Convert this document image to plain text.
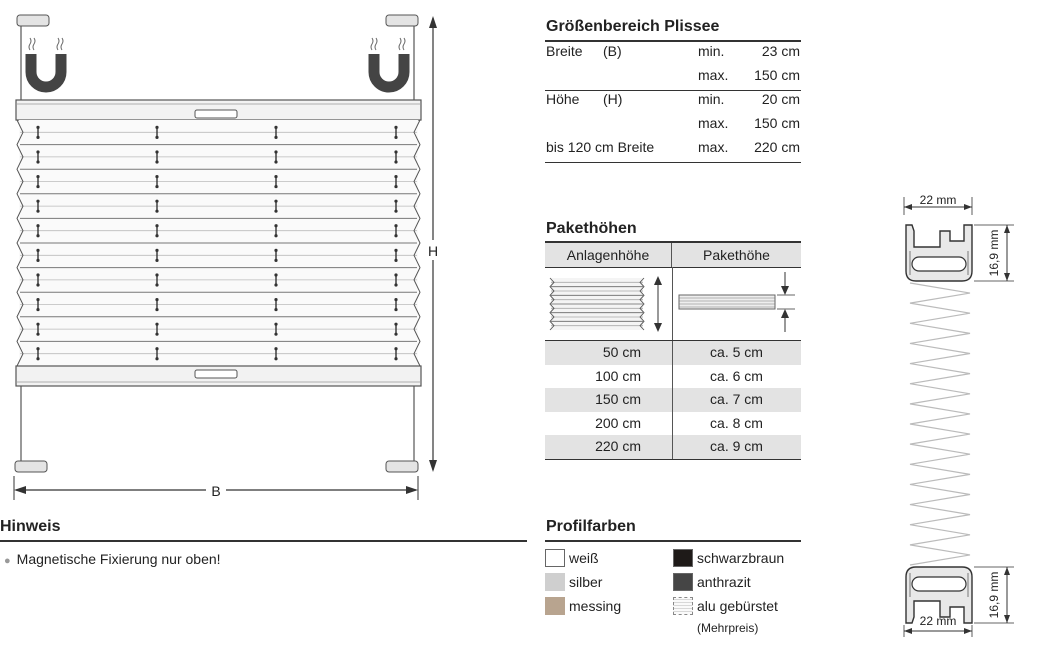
H
B
Größenbereich Plissee
Breite (B)	min.	23 cm
max.	150 cm
Höhe (H)	min.	20 cm
max.	150 cm
bis 120 cm Breite	max.	220 cm
Pakethöhen
Anlagenhöhe	Pakethöhe
50 cm	ca. 5 cm
100 cm	ca. 6 cm
150 cm	ca. 7 cm
200 cm	ca. 8 cm
220 cm	ca. 9 cm
Hinweis
● Magnetische Fixierung nur oben!
Profilfarben
weiß
silber
messing
schwarzbraun
anthrazit
alu gebürstet
(Mehrpreis)
22 mm
16,9 mm
16,9 mm
22 mm
